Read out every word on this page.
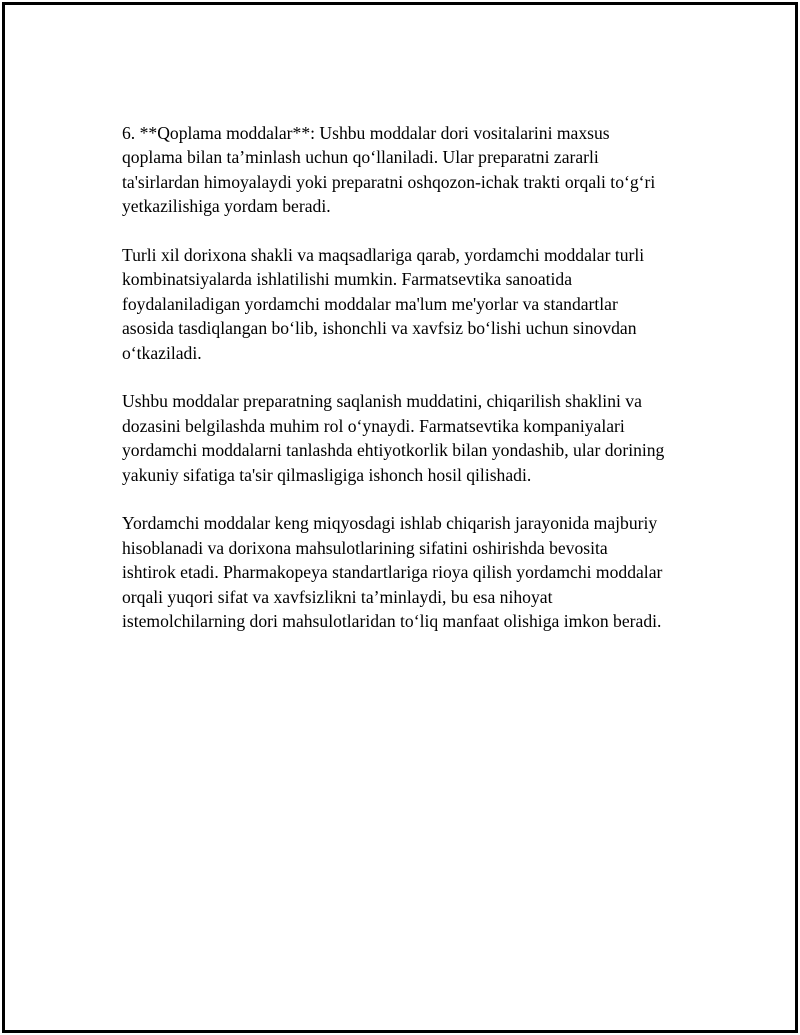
6. **Qoplama moddalar**: Ushbu moddalar dori vositalarini maxsus
qoplama bilan ta’minlash uchun qo‘llaniladi. Ular preparatni zararli
ta'sirlardan himoyalaydi yoki preparatni oshqozon-ichak trakti orqali to‘g‘ri
yetkazilishiga yordam beradi.

Turli xil dorixona shakli va maqsadlariga qarab, yordamchi moddalar turli
kombinatsiyalarda ishlatilishi mumkin. Farmatsevtika sanoatida
foydalaniladigan yordamchi moddalar ma'lum me'yorlar va standartlar
asosida tasdiqlangan bo‘lib, ishonchli va xavfsiz bo‘lishi uchun sinovdan
o‘tkaziladi.

Ushbu moddalar preparatning saqlanish muddatini, chiqarilish shaklini va
dozasini belgilashda muhim rol o‘ynaydi. Farmatsevtika kompaniyalari
yordamchi moddalarni tanlashda ehtiyotkorlik bilan yondashib, ular dorining
yakuniy sifatiga ta'sir qilmasligiga ishonch hosil qilishadi.

Yordamchi moddalar keng miqyosdagi ishlab chiqarish jarayonida majburiy
hisoblanadi va dorixona mahsulotlarining sifatini oshirishda bevosita
ishtirok etadi. Pharmakopeya standartlariga rioya qilish yordamchi moddalar
orqali yuqori sifat va xavfsizlikni ta’minlaydi, bu esa nihoyat
istemolchilarning dori mahsulotlaridan to‘liq manfaat olishiga imkon beradi.
